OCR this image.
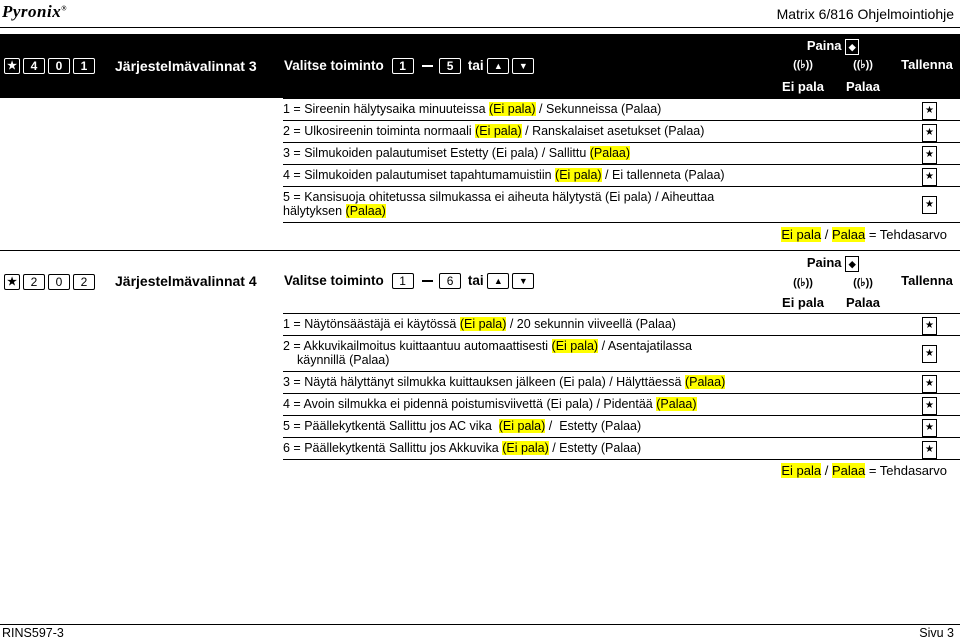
Pyronix®	Matrix 6/816 Ohjelmointiohje
★ 4 0 1	Järjestelmävalinnat 3 Valitse toiminto 1	5 tai ▲ ▼
Paina ◆
((♭))	((♭))
Ei pala	Palaa
Tallenna
1 = Sireenin hälytysaika minuuteissa (Ei pala) / Sekunneissa (Palaa)	★
2 = Ulkosireenin toiminta normaali (Ei pala) / Ranskalaiset asetukset (Palaa)	★
3 = Silmukoiden palautumiset Estetty (Ei pala) / Sallittu (Palaa)	★
4 = Silmukoiden palautumiset tapahtumamuistiin (Ei pala) / Ei tallenneta (Palaa)	★
5 = Kansisuoja ohitetussa silmukassa ei aiheuta hälytystä (Ei pala) / Aiheuttaa
hälytyksen (Palaa)	★
Ei pala / Palaa = Tehdasarvo
★ 2 0 2	Järjestelmävalinnat 4 Valitse toiminto 1	6 tai ▲ ▼
Paina ◆
((♭))	((♭))
Ei pala	Palaa
Tallenna
1 = Näytönsäästäjä ei käytössä (Ei pala) / 20 sekunnin viiveellä (Palaa)	★
2 = Akkuvikailmoitus kuittaantuu automaattisesti (Ei pala) / Asentajatilassa
käynnillä (Palaa)	★
3 = Näytä hälyttänyt silmukka kuittauksen jälkeen (Ei pala) / Hälyttäessä (Palaa)	★
4 = Avoin silmukka ei pidennä poistumisviivettä (Ei pala) / Pidentää (Palaa)	★
5 = Päällekytkentä Sallittu jos AC vika  (Ei pala) /  Estetty (Palaa)	★
6 = Päällekytkentä Sallittu jos Akkuvika (Ei pala) / Estetty (Palaa)	★
Ei pala / Palaa = Tehdasarvo
RINS597-3	Sivu 3
